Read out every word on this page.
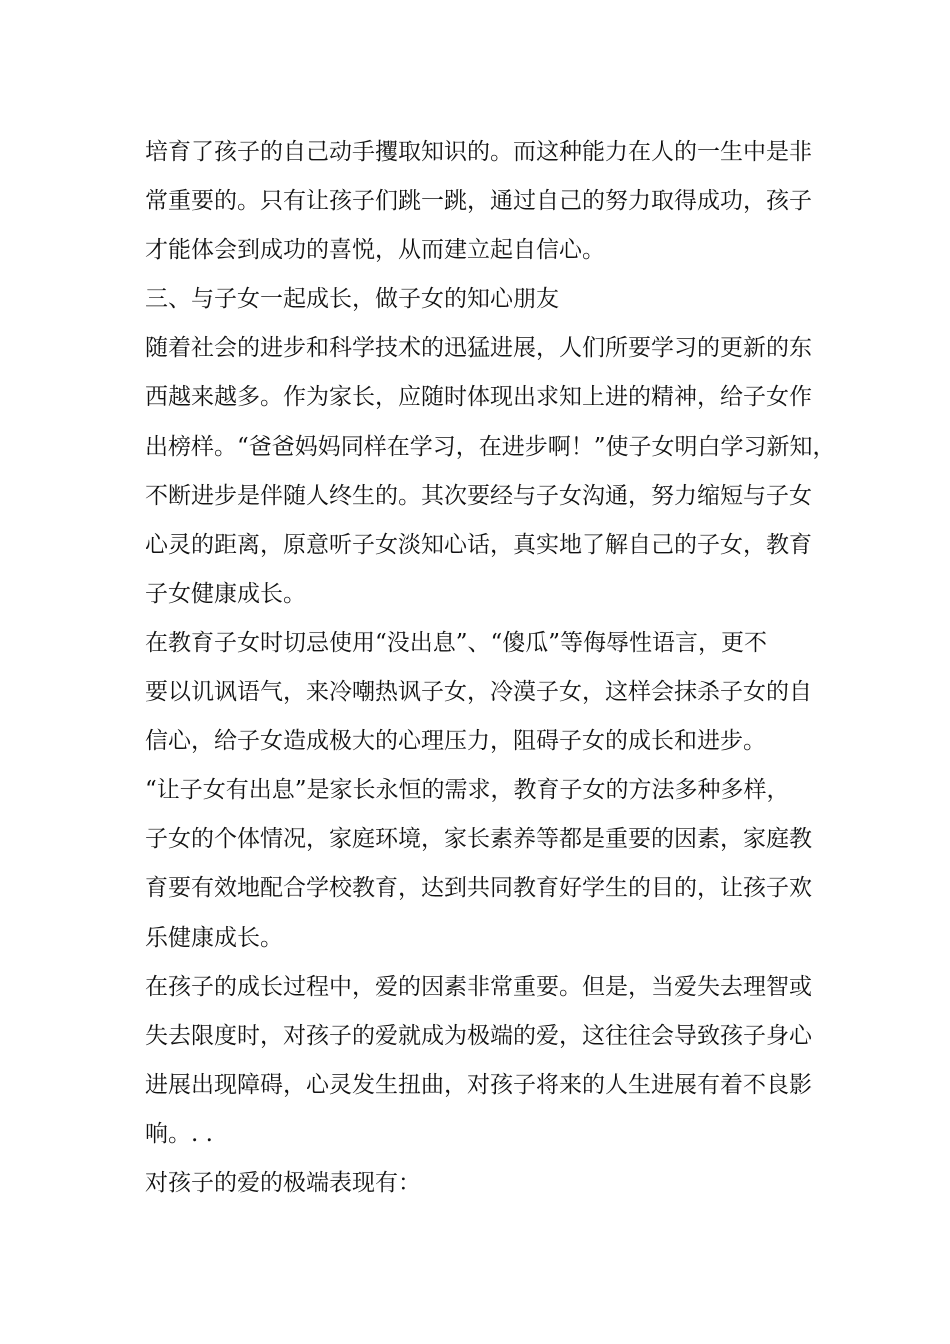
培育了孩子的自己动手攫取知识的。而这种能力在人的一生中是非
常重要的。只有让孩子们跳一跳，通过自己的努力取得成功，孩子
才能体会到成功的喜悦，从而建立起自信心。
三、与子女一起成长，做子女的知心朋友
随着社会的进步和科学技术的迅猛进展，人们所要学习的更新的东
西越来越多。作为家长，应随时体现出求知上进的精神，给子女作
出榜样。“爸爸妈妈同样在学习，在进步啊！”使子女明白学习新知，
不断进步是伴随人终生的。其次要经与子女沟通，努力缩短与子女
心灵的距离，原意听子女淡知心话，真实地了解自己的子女，教育
子女健康成长。
在教育子女时切忌使用“没出息”、“傻瓜”等侮辱性语言，更不
要以讥讽语气，来冷嘲热讽子女，冷漠子女，这样会抹杀子女的自
信心，给子女造成极大的心理压力，阻碍子女的成长和进步。
“让子女有出息”是家长永恒的需求，教育子女的方法多种多样，
子女的个体情况，家庭环境，家长素养等都是重要的因素，家庭教
育要有效地配合学校教育，达到共同教育好学生的目的，让孩子欢
乐健康成长。
在孩子的成长过程中，爱的因素非常重要。但是，当爱失去理智或
失去限度时，对孩子的爱就成为极端的爱，这往往会导致孩子身心
进展出现障碍，心灵发生扭曲，对孩子将来的人生进展有着不良影
响。. .
对孩子的爱的极端表现有：
